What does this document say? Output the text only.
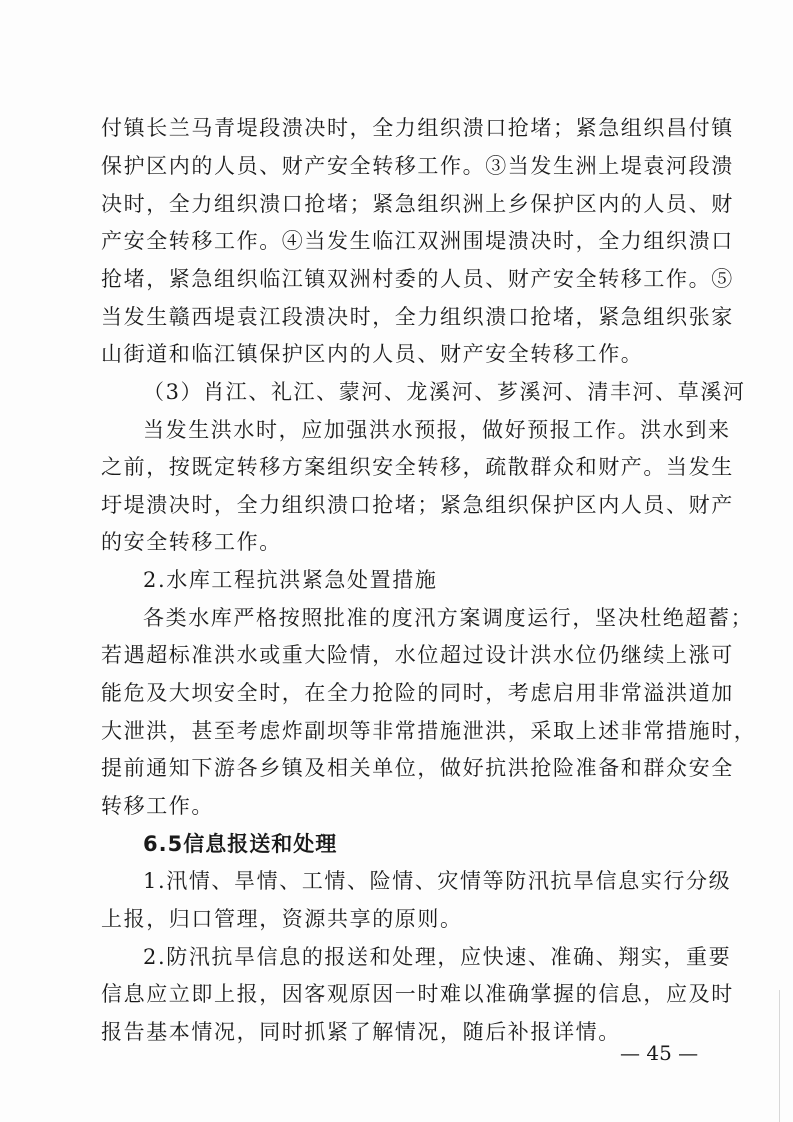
付镇长兰马青堤段溃决时，全力组织溃口抢堵；紧急组织昌付镇
保护区内的人员、财产安全转移工作。③当发生洲上堤袁河段溃
决时，全力组织溃口抢堵；紧急组织洲上乡保护区内的人员、财
产安全转移工作。④当发生临江双洲围堤溃决时，全力组织溃口
抢堵，紧急组织临江镇双洲村委的人员、财产安全转移工作。⑤
当发生赣西堤袁江段溃决时，全力组织溃口抢堵，紧急组织张家
山街道和临江镇保护区内的人员、财产安全转移工作。
（3）肖江、礼江、蒙河、龙溪河、芗溪河、清丰河、草溪河
当发生洪水时，应加强洪水预报，做好预报工作。洪水到来
之前，按既定转移方案组织安全转移，疏散群众和财产。当发生
圩堤溃决时，全力组织溃口抢堵；紧急组织保护区内人员、财产
的安全转移工作。
2.水库工程抗洪紧急处置措施
各类水库严格按照批准的度汛方案调度运行，坚决杜绝超蓄；
若遇超标准洪水或重大险情，水位超过设计洪水位仍继续上涨可
能危及大坝安全时，在全力抢险的同时，考虑启用非常溢洪道加
大泄洪，甚至考虑炸副坝等非常措施泄洪，采取上述非常措施时，
提前通知下游各乡镇及相关单位，做好抗洪抢险准备和群众安全
转移工作。
6.5信息报送和处理
1.汛情、旱情、工情、险情、灾情等防汛抗旱信息实行分级
上报，归口管理，资源共享的原则。
2.防汛抗旱信息的报送和处理，应快速、准确、翔实，重要
信息应立即上报，因客观原因一时难以准确掌握的信息，应及时
报告基本情况，同时抓紧了解情况，随后补报详情。
— 45 —
